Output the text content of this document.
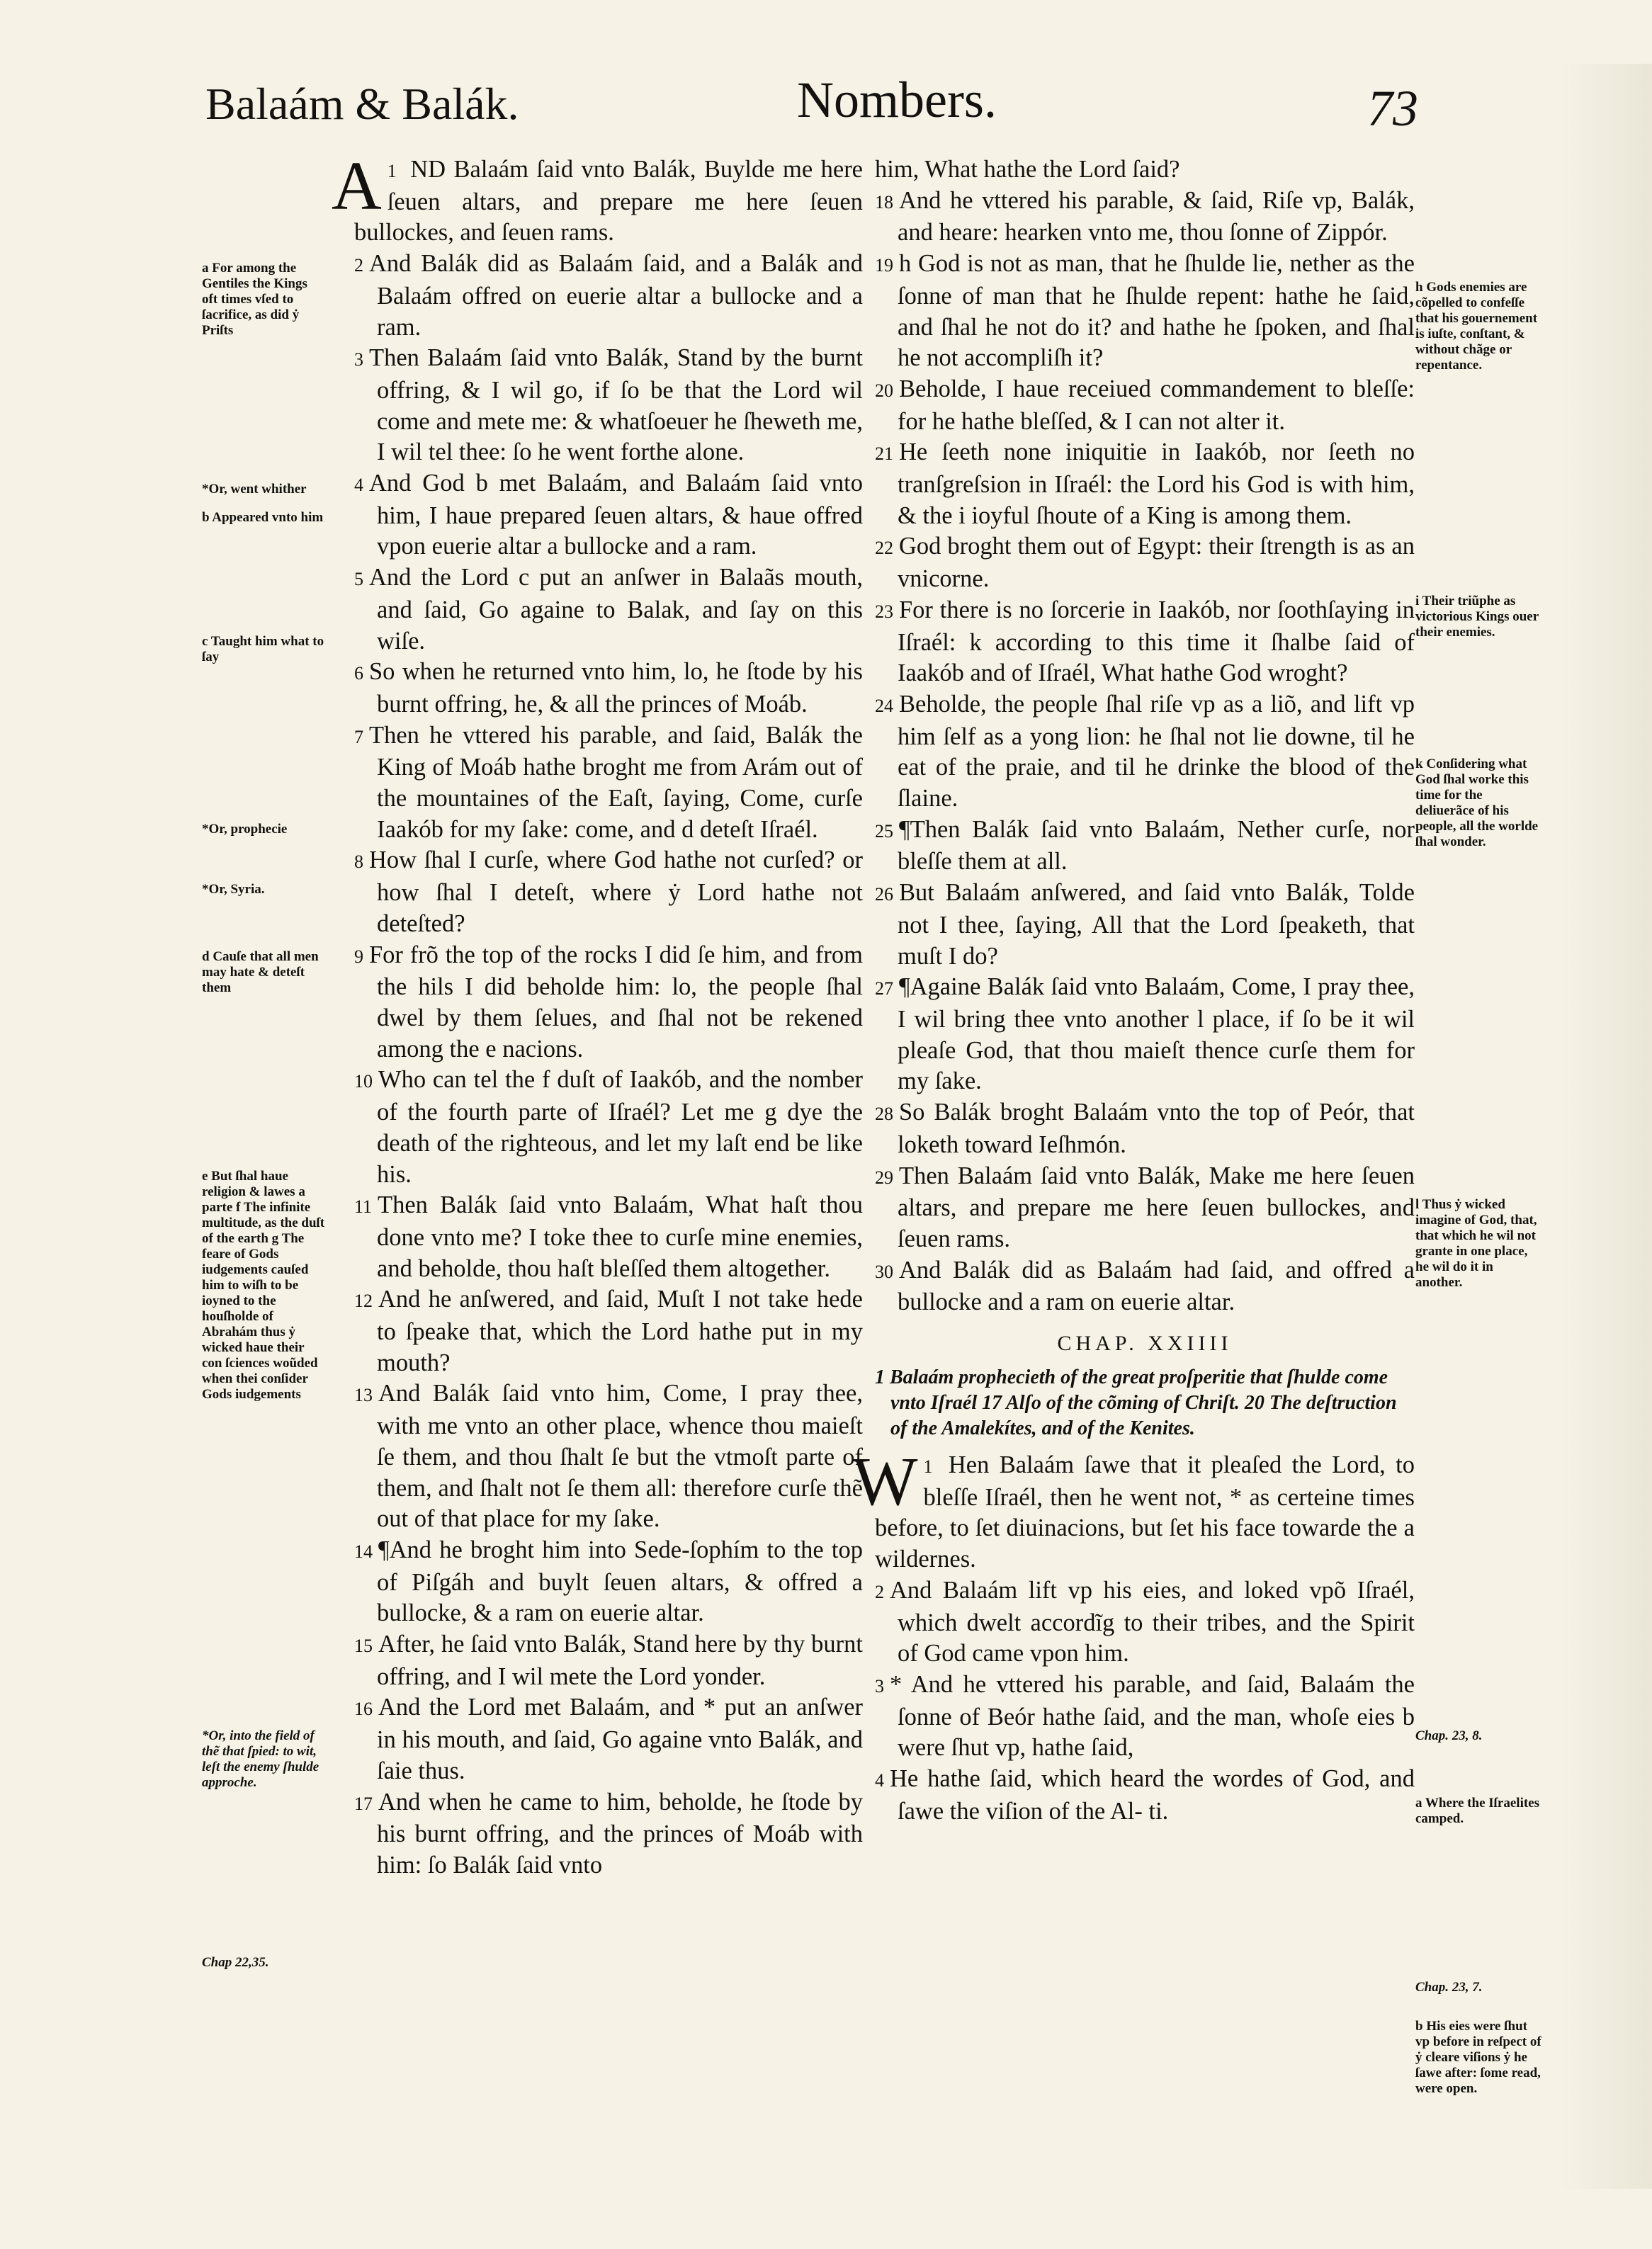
Balaám & Balák.	Nombers.	73

A 1 ND Balaám ſaid vnto Balák, Buylde me here ſeuen altars, and prepare me here ſeuen bullockes, and ſeuen rams.

2 And Balák did as Balaám ſaid, and a Balák and Balaám offred on euerie altar a bullocke and a ram.

3 Then Balaám ſaid vnto Balák, Stand by the burnt offring, & I wil go, if ſo be that the Lord wil come and mete me: & whatſoeuer he ſheweth me, I wil tel thee: ſo he went forthe alone.

4 And God b met Balaám, and Balaám ſaid vnto him, I haue prepared ſeuen altars, & haue offred vpon euerie altar a bullocke and a ram.

5 And the Lord c put an anſwer in Balaãs mouth, and ſaid, Go againe to Balak, and ſay on this wiſe.

6 So when he returned vnto him, lo, he ſtode by his burnt offring, he, & all the princes of Moáb.

7 Then he vttered his parable, and ſaid, Balák the King of Moáb hathe broght me from Arám out of the mountaines of the Eaſt, ſaying, Come, curſe Iaakób for my ſake: come, and d deteſt Iſraél.

8 How ſhal I curſe, where God hathe not curſed? or how ſhal I deteſt, where ẏ Lord hathe not deteſted?

9 For frõ the top of the rocks I did ſe him, and from the hils I did beholde him: lo, the people ſhal dwel by them ſelues, and ſhal not be rekened among the e nacions.

10 Who can tel the f duſt of Iaakób, and the nomber of the fourth parte of Iſraél? Let me g dye the death of the righteous, and let my laſt end be like his.

11 Then Balák ſaid vnto Balaám, What haſt thou done vnto me? I toke thee to curſe mine enemies, and beholde, thou haſt bleſſed them altogether.

12 And he anſwered, and ſaid, Muſt I not take hede to ſpeake that, which the Lord hathe put in my mouth?

13 And Balák ſaid vnto him, Come, I pray thee, with me vnto an other place, whence thou maieſt ſe them, and thou ſhalt ſe but the vtmoſt parte of them, and ſhalt not ſe them all: therefore curſe thẽ out of that place for my ſake.

14 ¶And he broght him into Sede-ſophím to the top of Piſgáh and buylt ſeuen altars, & offred a bullocke, & a ram on euerie altar.

15 After, he ſaid vnto Balák, Stand here by thy burnt offring, and I wil mete the Lord yonder.

16 And the Lord met Balaám, and * put an anſwer in his mouth, and ſaid, Go againe vnto Balák, and ſaie thus.

17 And when he came to him, beholde, he ſtode by his burnt offring, and the princes of Moáb with him: ſo Balák ſaid vnto

him, What hathe the Lord ſaid?

18 And he vttered his parable, & ſaid, Riſe vp, Balák, and heare: hearken vnto me, thou ſonne of Zippór.

19 h God is not as man, that he ſhulde lie, nether as the ſonne of man that he ſhulde repent: hathe he ſaid, and ſhal he not do it? and hathe he ſpoken, and ſhal he not accompliſh it?

20 Beholde, I haue receiued commandement to bleſſe: for he hathe bleſſed, & I can not alter it.

21 He ſeeth none iniquitie in Iaakób, nor ſeeth no tranſgreſsion in Iſraél: the Lord his God is with him, & the i ioyful ſhoute of a King is among them.

22 God broght them out of Egypt: their ſtrength is as an vnicorne.

23 For there is no ſorcerie in Iaakób, nor ſoothſaying in Iſraél: k according to this time it ſhalbe ſaid of Iaakób and of Iſraél, What hathe God wroght?

24 Beholde, the people ſhal riſe vp as a liõ, and lift vp him ſelf as a yong lion: he ſhal not lie downe, til he eat of the praie, and til he drinke the blood of the ſlaine.

25 ¶Then Balák ſaid vnto Balaám, Nether curſe, nor bleſſe them at all.

26 But Balaám anſwered, and ſaid vnto Balák, Tolde not I thee, ſaying, All that the Lord ſpeaketh, that muſt I do?

27 ¶Againe Balák ſaid vnto Balaám, Come, I pray thee, I wil bring thee vnto another l place, if ſo be it wil pleaſe God, that thou maieſt thence curſe them for my ſake.

28 So Balák broght Balaám vnto the top of Peór, that loketh toward Ieſhmón.

29 Then Balaám ſaid vnto Balák, Make me here ſeuen altars, and prepare me here ſeuen bullockes, and ſeuen rams.

30 And Balák did as Balaám had ſaid, and offred a bullocke and a ram on euerie altar.

CHAP. XXIIII

1 Balaám prophecieth of the great proſperitie that ſhulde come vnto Iſraél 17 Alſo of the cõming of Chriſt. 20 The deſtruction of the Amalekítes, and of the Kenites.

W 1 Hen Balaám ſawe that it pleaſed the Lord, to bleſſe Iſraél, then he went not, * as certeine times before, to ſet diuinacions, but ſet his face towarde the a wildernes.

2 And Balaám lift vp his eies, and loked vpõ Iſraél, which dwelt accordĩg to their tribes, and the Spirit of God came vpon him.

3 * And he vttered his parable, and ſaid, Balaám the ſonne of Beór hathe ſaid, and the man, whoſe eies b were ſhut vp, hathe ſaid,

4 He hathe ſaid, which heard the wordes of God, and ſawe the viſion of the Al- ti.

a For among the Gentiles the Kings oft times vſed to ſacrifice, as did ẏ Priſts
*Or, went whither
b Appeared vnto him
c Taught him what to ſay
*Or, prophecie
*Or, Syria.
d Cauſe that all men may hate & deteſt them
e But ſhal haue religion & lawes a parte f The infinite multitude, as the duſt of the earth g The feare of Gods iudgements cauſed him to wiſh to be ioyned to the houſholde of Abrahám thus ẏ wicked haue their con ſciences woũded when thei conſider Gods iudgements
*Or, into the field of thẽ that ſpied: to wit, leſt the enemy ſhulde approche.
Chap 22,35.
h Gods enemies are cõpelled to confeſſe that his gouernement is iuſte, conſtant, & without chãge or repentance.
i Their triũphe as victorious Kings ouer their enemies.
k Conſidering what God ſhal worke this time for the deliuerãce of his people, all the worlde ſhal wonder.
l Thus ẏ wicked imagine of God, that, that which he wil not grante in one place, he wil do it in another.
Chap. 23, 8.
a Where the Iſraelites camped.
Chap. 23, 7.
b His eies were ſhut vp before in reſpect of ẏ cleare viſions ẏ he ſawe after: ſome read, were open.
